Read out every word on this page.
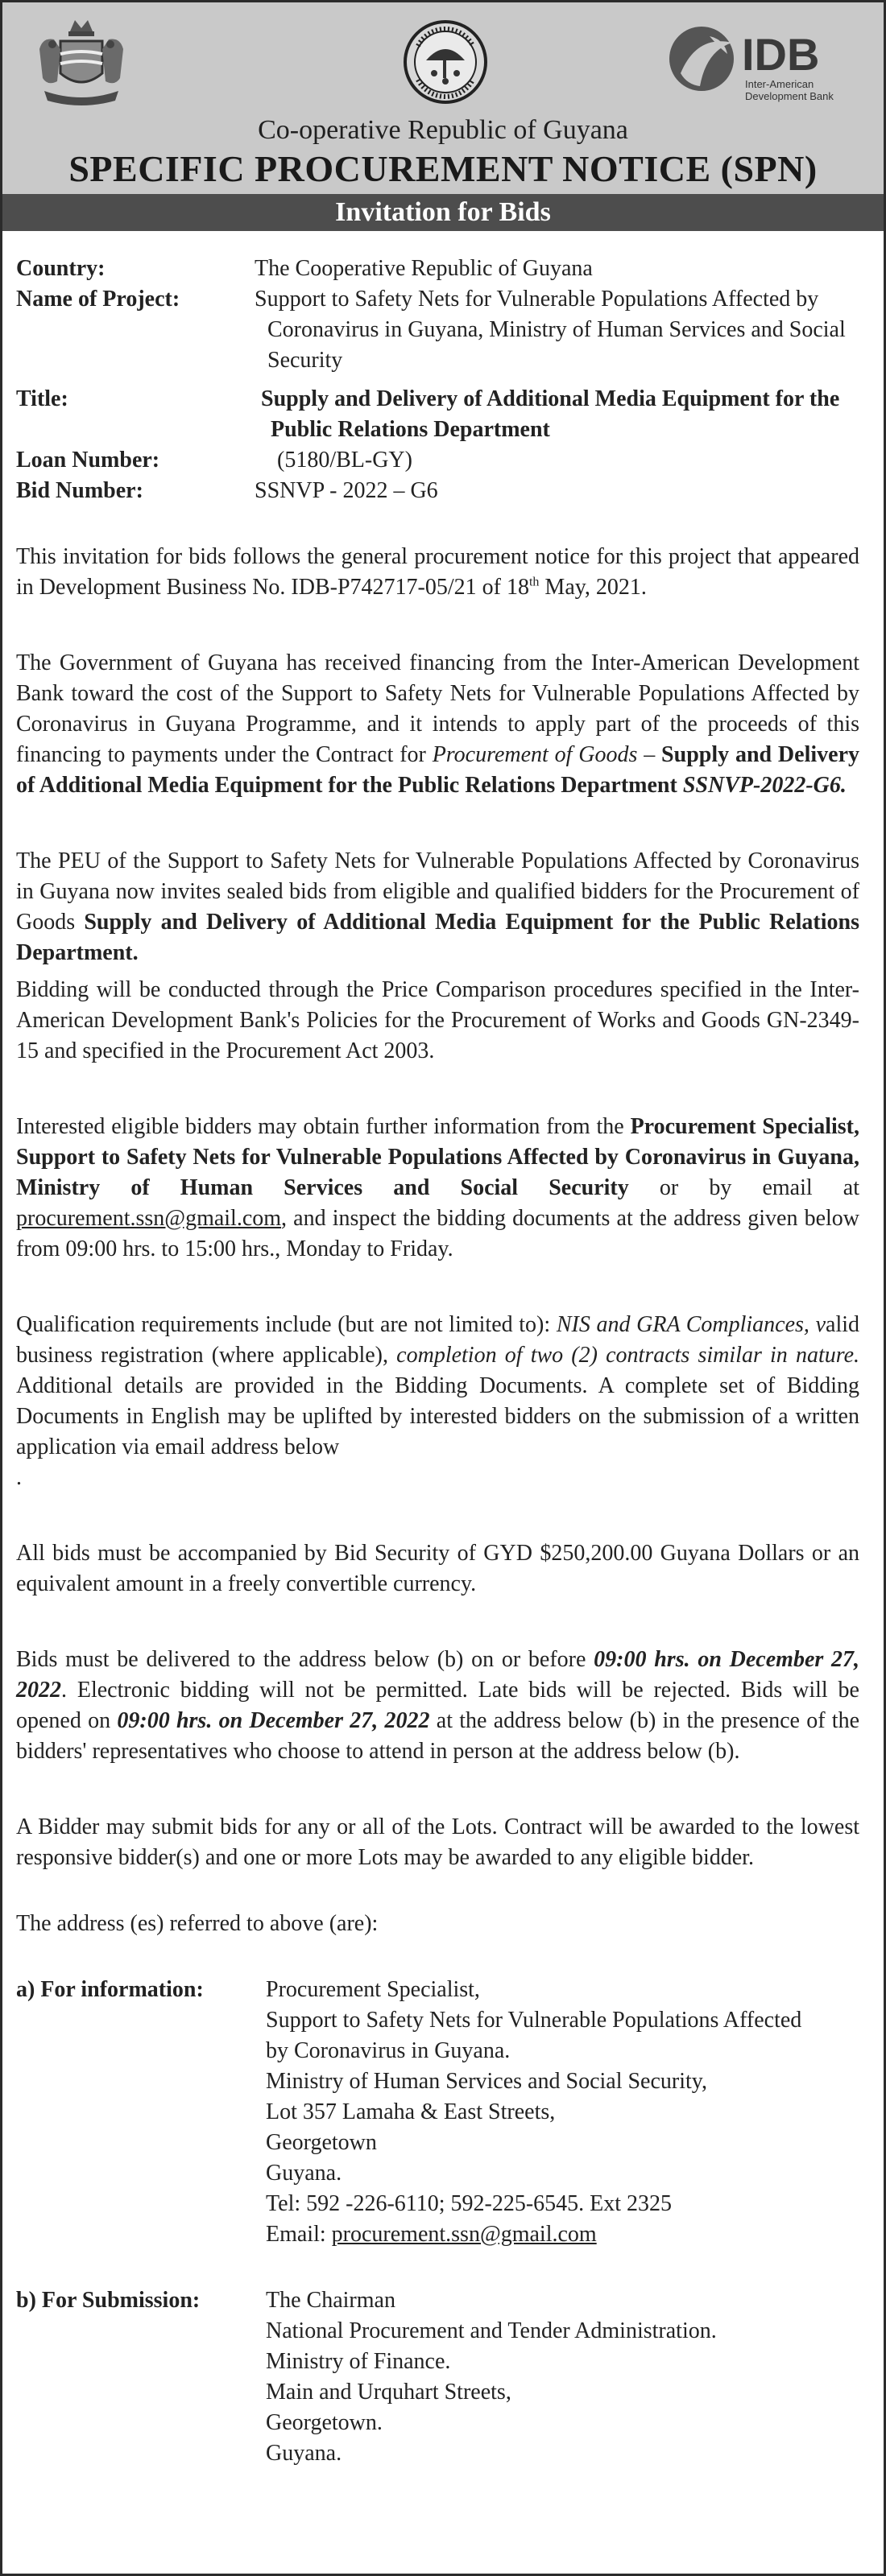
IDB
Inter-American
Development Bank
Co-operative Republic of Guyana
SPECIFIC PROCUREMENT NOTICE (SPN)
Invitation for Bids
Country:	The Cooperative Republic of Guyana
Name of Project:	Support to Safety Nets for Vulnerable Populations Affected by Coronavirus in Guyana, Ministry of Human Services and Social Security
Title:	Supply and Delivery of Additional Media Equipment for the Public Relations Department
Loan Number:	(5180/BL-GY)
Bid Number:	SSNVP - 2022 – G6

This invitation for bids follows the general procurement notice for this project that appeared in Development Business No. IDB-P742717-05/21 of 18th May, 2021.

The Government of Guyana has received financing from the Inter-American Development Bank toward the cost of the Support to Safety Nets for Vulnerable Populations Affected by Coronavirus in Guyana Programme, and it intends to apply part of the proceeds of this financing to payments under the Contract for Procurement of Goods – Supply and Delivery of Additional Media Equipment for the Public Relations Department SSNVP-2022-G6.

The PEU of the Support to Safety Nets for Vulnerable Populations Affected by Coronavirus in Guyana now invites sealed bids from eligible and qualified bidders for the Procurement of Goods Supply and Delivery of Additional Media Equipment for the Public Relations Department.

Bidding will be conducted through the Price Comparison procedures specified in the Inter-American Development Bank's Policies for the Procurement of Works and Goods GN-2349-15 and specified in the Procurement Act 2003.

Interested eligible bidders may obtain further information from the Procurement Specialist, Support to Safety Nets for Vulnerable Populations Affected by Coronavirus in Guyana, Ministry of Human Services and Social Security or by email at procurement.ssn@gmail.com, and inspect the bidding documents at the address given below from 09:00 hrs. to 15:00 hrs., Monday to Friday.

Qualification requirements include (but are not limited to): NIS and GRA Compliances, valid business registration (where applicable), completion of two (2) contracts similar in nature. Additional details are provided in the Bidding Documents. A complete set of Bidding Documents in English may be uplifted by interested bidders on the submission of a written application via email address below
.

All bids must be accompanied by Bid Security of GYD $250,200.00 Guyana Dollars or an equivalent amount in a freely convertible currency.

Bids must be delivered to the address below (b) on or before 09:00 hrs. on December 27, 2022. Electronic bidding will not be permitted. Late bids will be rejected. Bids will be opened on 09:00 hrs. on December 27, 2022 at the address below (b) in the presence of the bidders' representatives who choose to attend in person at the address below (b).

A Bidder may submit bids for any or all of the Lots. Contract will be awarded to the lowest responsive bidder(s) and one or more Lots may be awarded to any eligible bidder.

The address (es) referred to above (are):

a) For information:	Procurement Specialist,
Support to Safety Nets for Vulnerable Populations Affected
by Coronavirus in Guyana.
Ministry of Human Services and Social Security,
Lot 357 Lamaha & East Streets,
Georgetown
Guyana.
Tel: 592 -226-6110; 592-225-6545. Ext 2325
Email: procurement.ssn@gmail.com
b) For Submission:	The Chairman
National Procurement and Tender Administration.
Ministry of Finance.
Main and Urquhart Streets,
Georgetown.
Guyana.
